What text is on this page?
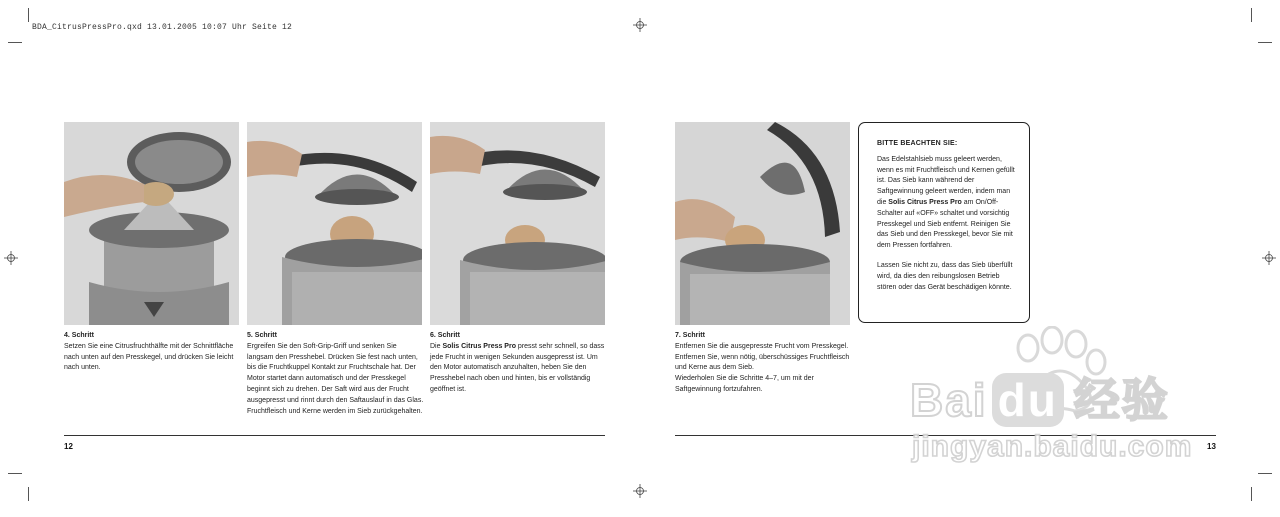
BDA_CitrusPressPro.qxd 13.01.2005 10:07 Uhr Seite 12
4. Schritt
Setzen Sie eine Citrusfruchthälfte mit der Schnittfläche nach unten auf den Presskegel, und drücken Sie leicht nach unten.
5. Schritt
Ergreifen Sie den Soft-Grip-Griff und senken Sie langsam den Presshebel. Drücken Sie fest nach unten, bis die Fruchtkuppel Kontakt zur Fruchtschale hat. Der Motor startet dann automatisch und der Presskegel beginnt sich zu drehen. Der Saft wird aus der Frucht ausgepresst und rinnt durch den Saftauslauf in das Glas. Fruchtfleisch und Kerne werden im Sieb zurückgehalten.
6. Schritt
Die Solis Citrus Press Pro presst sehr schnell, so dass jede Frucht in wenigen Sekunden ausgepresst ist. Um den Motor automatisch anzuhalten, heben Sie den Presshebel nach oben und hinten, bis er vollständig geöffnet ist.
7. Schritt
Entfernen Sie die ausgepresste Frucht vom Presskegel. Entfernen Sie, wenn nötig, überschüssiges Fruchtfleisch und Kerne aus dem Sieb.
Wiederholen Sie die Schritte 4–7, um mit der Saftgewinnung fortzufahren.
BITTE BEACHTEN SIE:

Das Edelstahlsieb muss geleert werden, wenn es mit Fruchtfleisch und Kernen gefüllt ist. Das Sieb kann während der Saftgewinnung geleert werden, indem man die Solis Citrus Press Pro am On/Off-Schalter auf «OFF» schaltet und vorsichtig Presskegel und Sieb entfernt. Reinigen Sie das Sieb und den Presskegel, bevor Sie mit dem Pressen fortfahren.

Lassen Sie nicht zu, dass das Sieb überfüllt wird, da dies den reibungslosen Betrieb stören oder das Gerät beschädigen könnte.

12	13
Bai du 经验
jingyan.baidu.com
